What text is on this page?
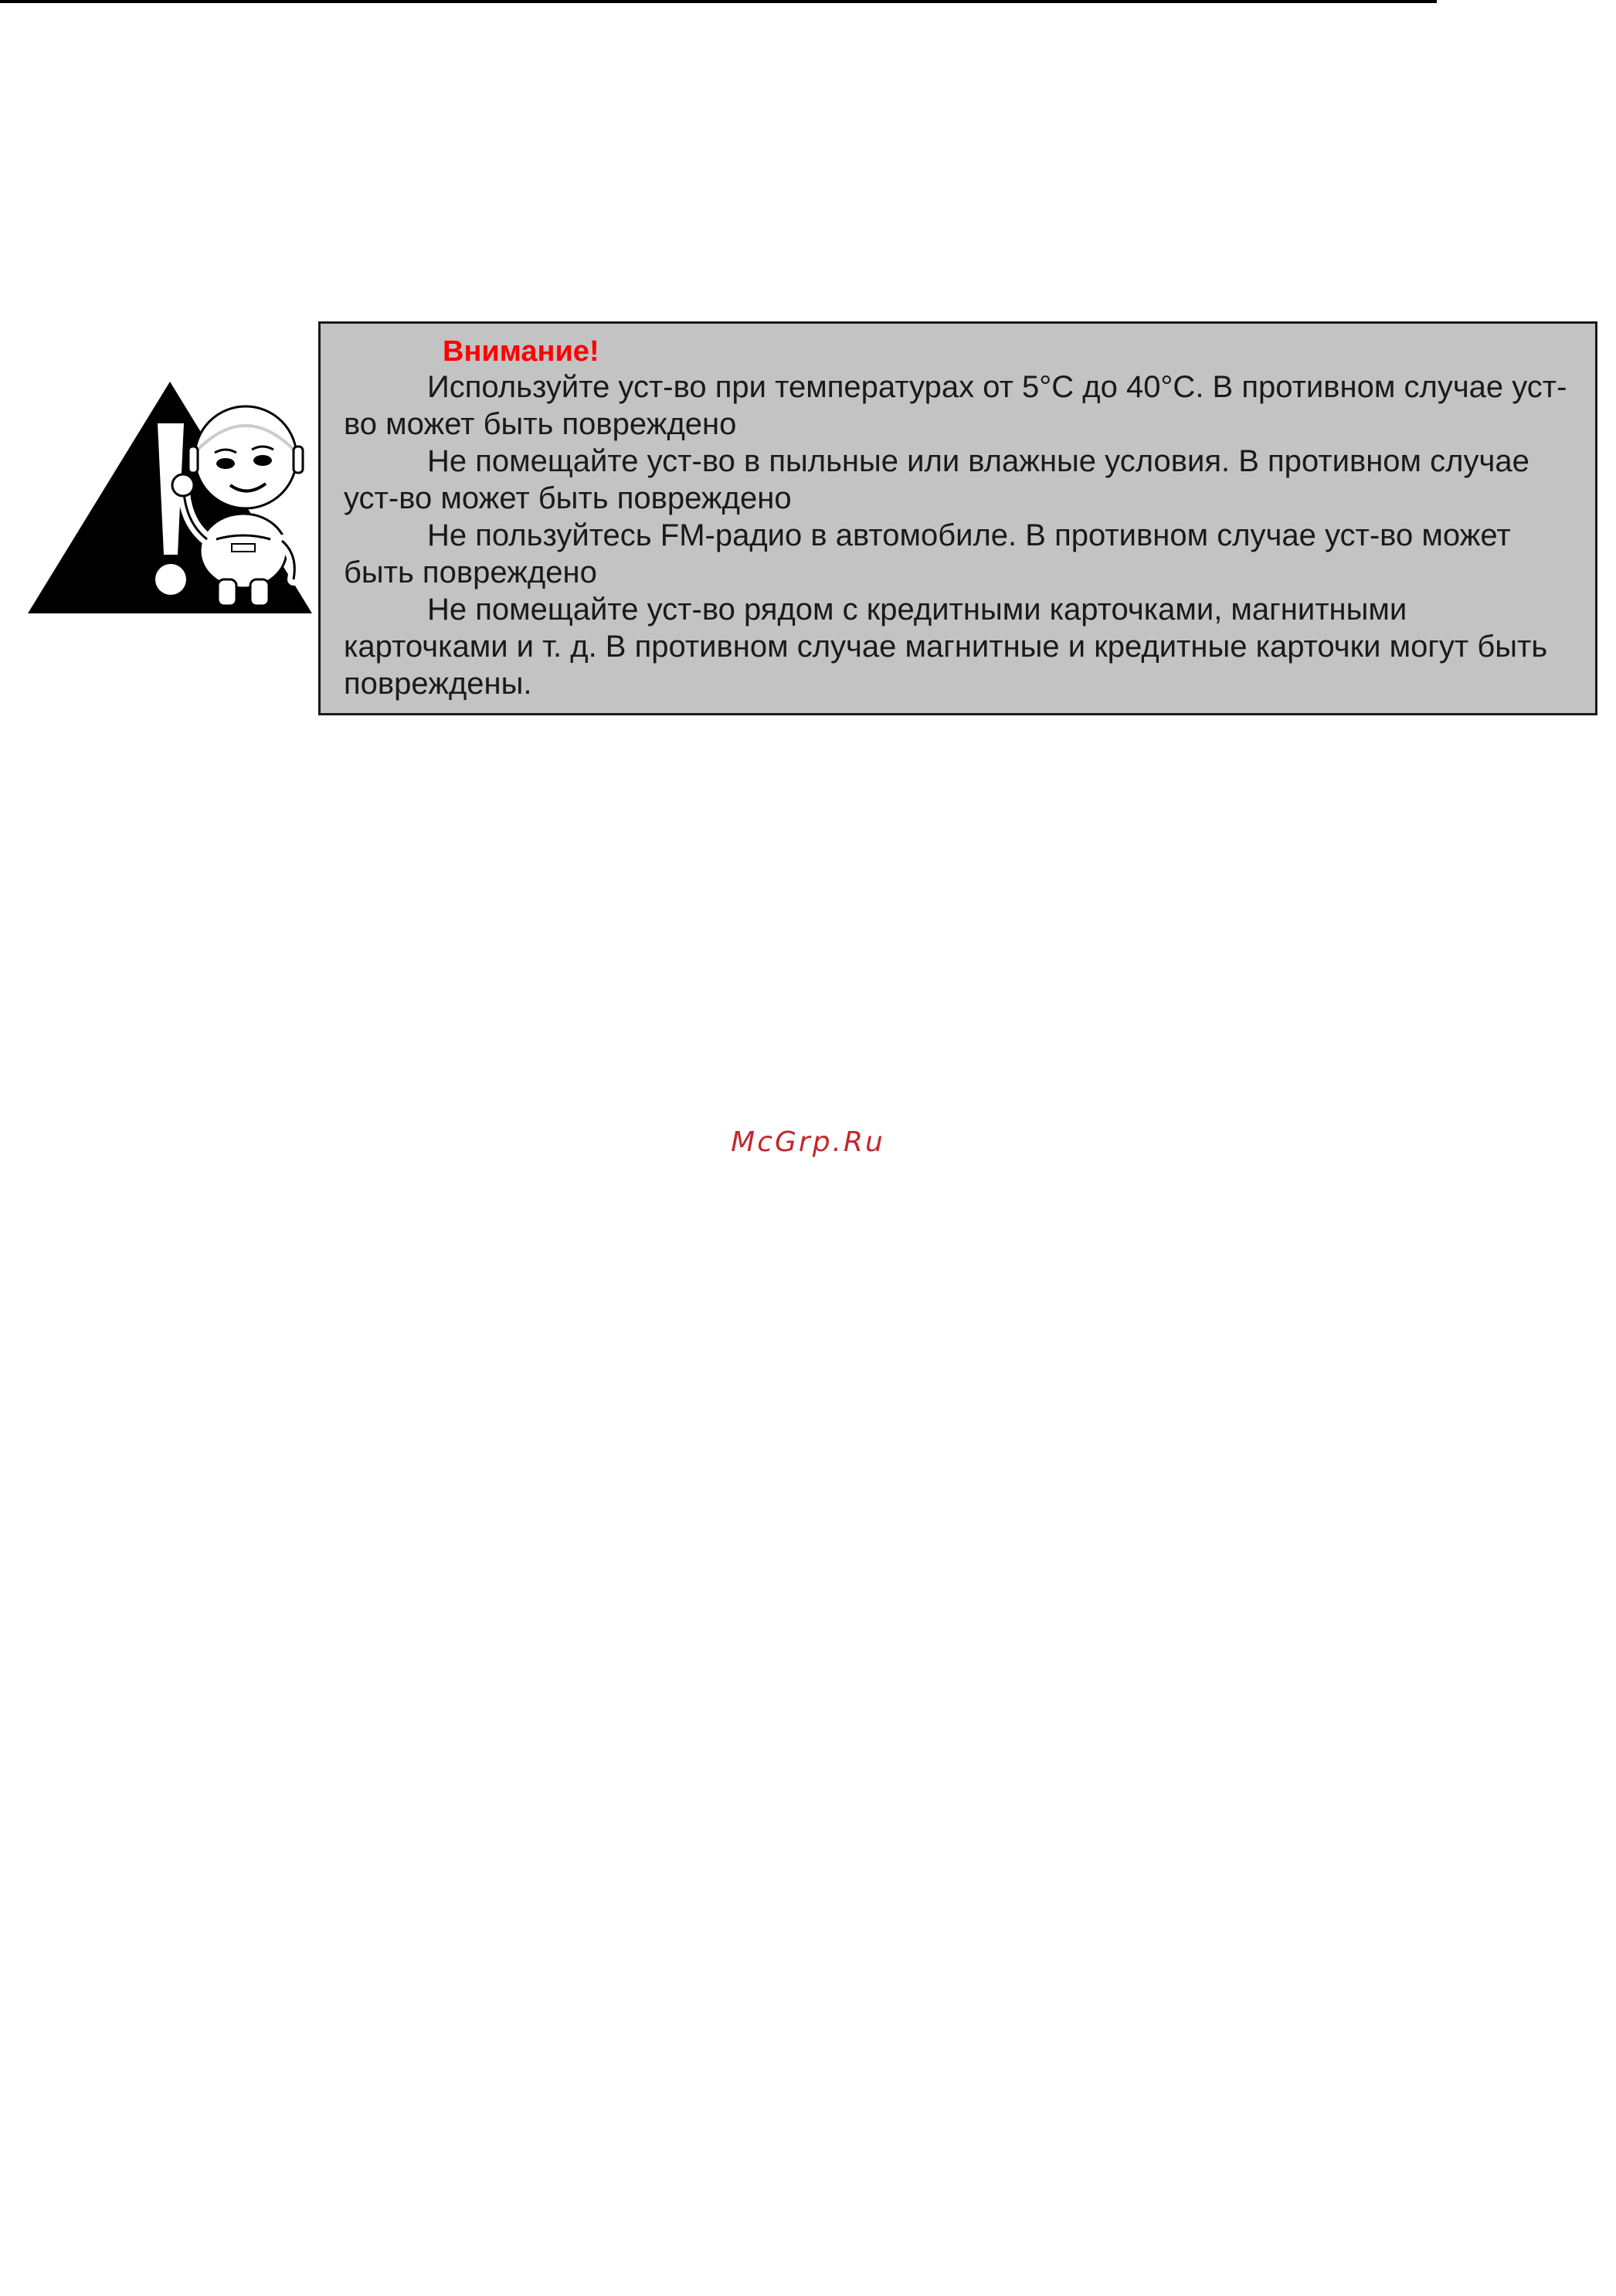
Внимание!

Используйте уст-во при температурах от 5°С до 40°С. В противном случае уст-во может быть повреждено

Не помещайте уст-во в пыльные или влажные условия. В противном случае уст-во может быть повреждено

Не пользуйтесь FM-радио в автомобиле. В противном случае уст-во может быть повреждено

Не помещайте уст-во рядом с кредитными карточками, магнитными карточками и т. д. В противном случае магнитные и кредитные карточки могут быть повреждены.

McGrp.Ru
